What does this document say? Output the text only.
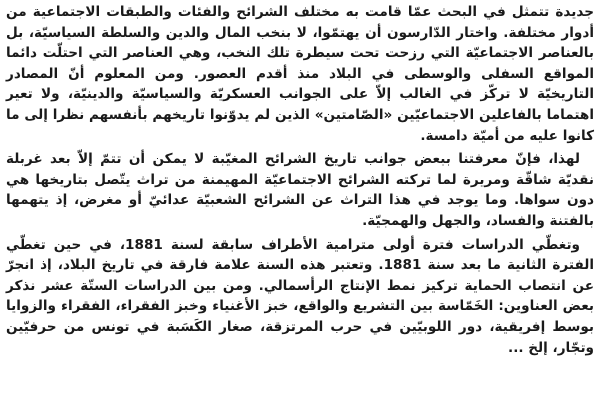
جديدة تتمثل في البحث عمّا قامت به مختلف الشرائح والفئات والطبقات الاجتماعية من أدوار مختلفة. واختار الدّارسون أن يهتمّوا، لا بنخب المال والدين والسلطة السياسيّة، بل بالعناصر الاجتماعيّة التي رزحت تحت سيطرة تلك النخب، وهي العناصر التي احتلّت دائما المواقع السفلى والوسطى في البلاد منذ أقدم العصور. ومن المعلوم أنّ المصادر التاريخيّة لا تركّز في الغالب إلاّ على الجوانب العسكريّة والسياسيّة والدينيّة، ولا تعير اهتماما بالفاعلين الاجتماعيّين «الصّامتين» الذين لم يدوّنوا تاريخهم بأنفسهم نظرا إلى ما كانوا عليه من أميّة دامسة.

لهذا، فإنّ معرفتنا ببعض جوانب تاريخ الشرائح المغيّبة لا يمكن أن تتمّ إلاّ بعد غربلة نقديّة شاقّة ومريرة لما تركته الشرائح الاجتماعيّة المهيمنة من تراث يتّصل بتاريخها هي دون سواها. وما يوجد في هذا التراث عن الشرائح الشعبيّة عدائيّ أو مغرض، إذ يتهمها بالفتنة والفساد، والجهل والهمجيّة.

وتغطّي الدراسات فترة أولى مترامية الأطراف سابقة لسنة 1881، في حين تغطّي الفترة الثانية ما بعد سنة 1881. وتعتبر هذه السنة علامة فارقة في تاريخ البلاد، إذ انجرّ عن انتصاب الحماية تركيز نمط الإنتاج الرأسمالي. ومن بين الدراسات الستّة عشر نذكر بعض العناوين: الخَمّاسة بين التشريع والواقع، خبز الأغنياء وخبز الفقراء، الفقراء والزوايا بوسط إفريقية، دور اللوبيّين في حرب المرتزقة، صغار الكَسَبة في تونس من حرفيّين وتجّار، إلخ ...
